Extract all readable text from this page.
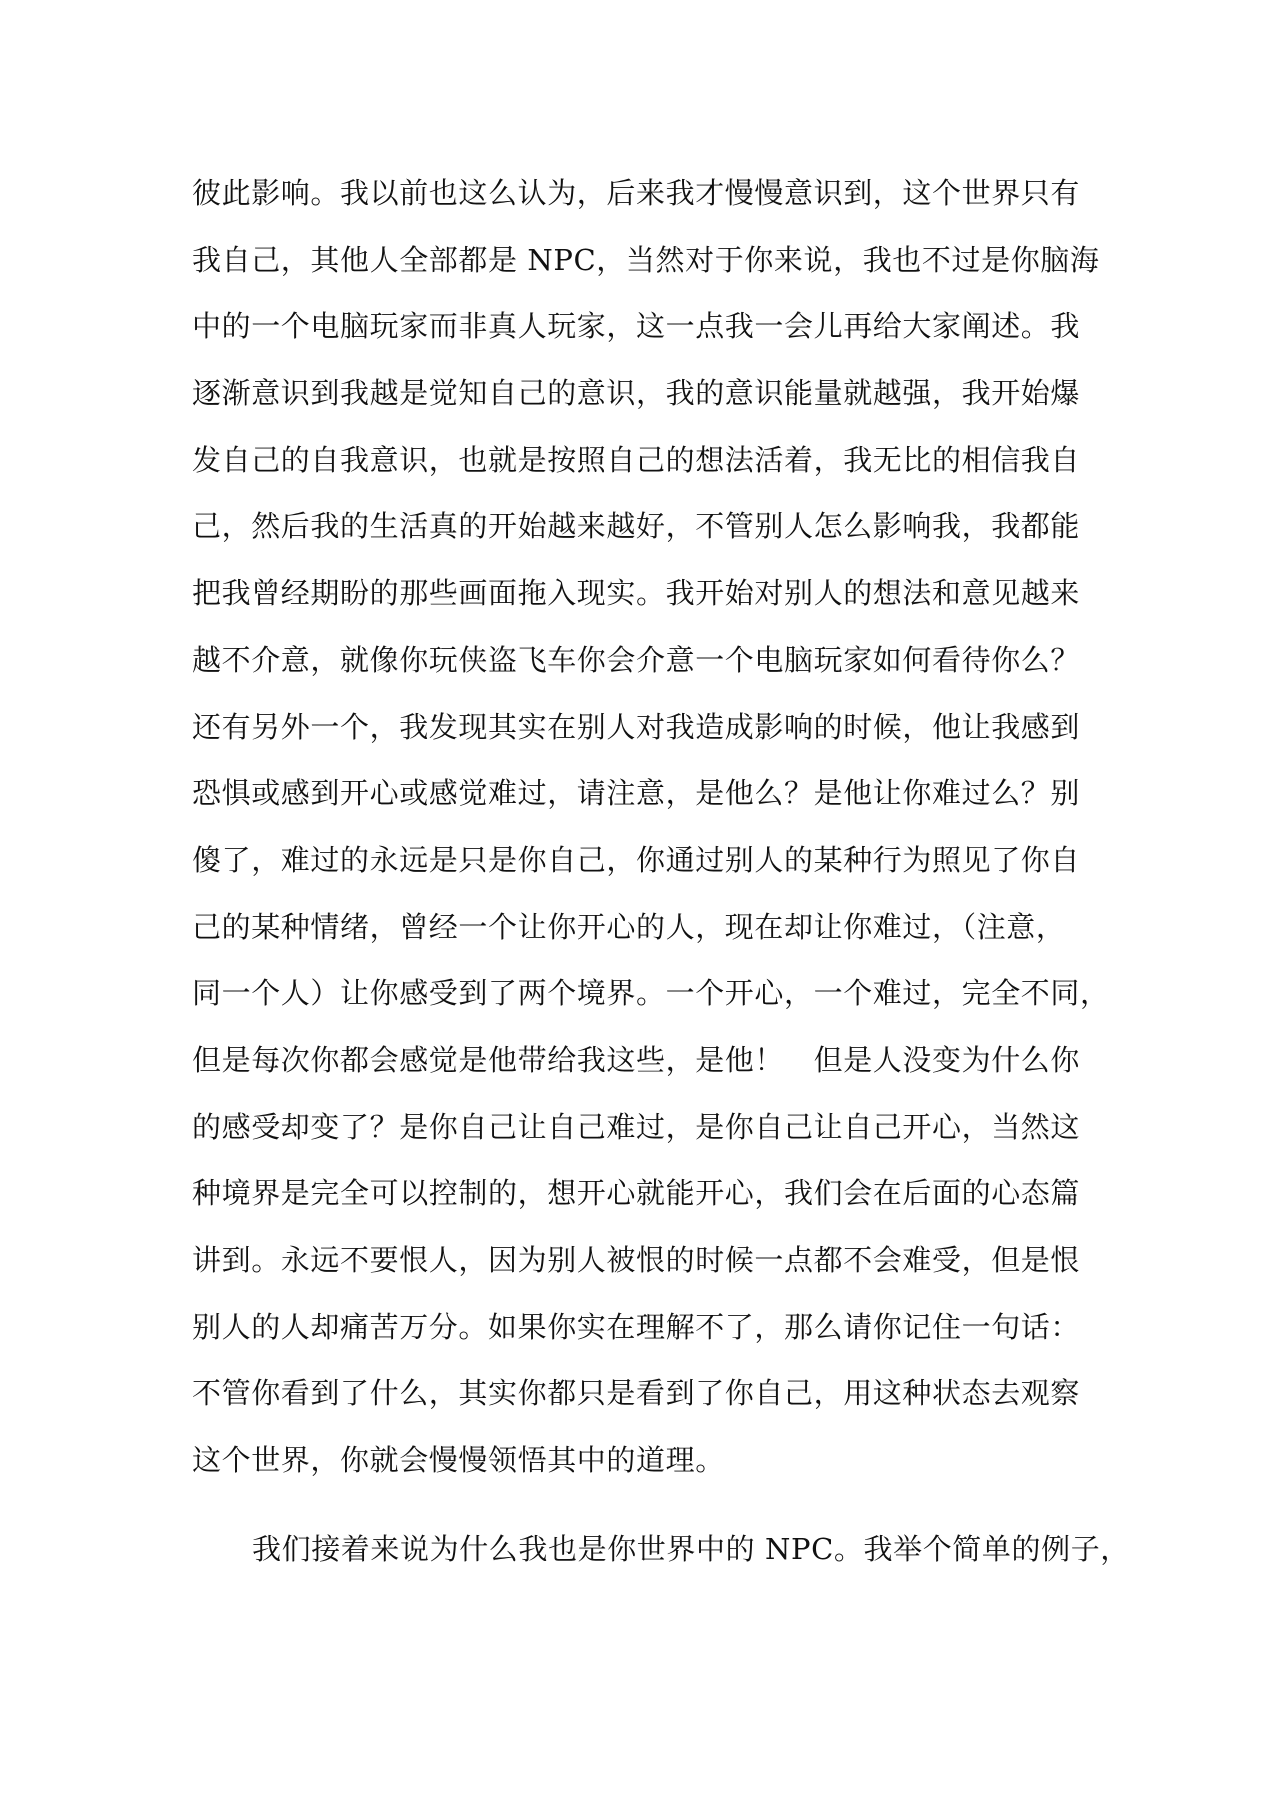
彼此影响。我以前也这么认为，后来我才慢慢意识到，这个世界只有
我自己，其他人全部都是 NPC，当然对于你来说，我也不过是你脑海
中的一个电脑玩家而非真人玩家，这一点我一会儿再给大家阐述。我
逐渐意识到我越是觉知自己的意识，我的意识能量就越强，我开始爆
发自己的自我意识，也就是按照自己的想法活着，我无比的相信我自
己，然后我的生活真的开始越来越好，不管别人怎么影响我，我都能
把我曾经期盼的那些画面拖入现实。我开始对别人的想法和意见越来
越不介意，就像你玩侠盗飞车你会介意一个电脑玩家如何看待你么？
还有另外一个，我发现其实在别人对我造成影响的时候，他让我感到
恐惧或感到开心或感觉难过，请注意，是他么？是他让你难过么？别
傻了，难过的永远是只是你自己，你通过别人的某种行为照见了你自
己的某种情绪，曾经一个让你开心的人，现在却让你难过，（注意，
同一个人）让你感受到了两个境界。一个开心，一个难过，完全不同，
但是每次你都会感觉是他带给我这些，是他！　但是人没变为什么你
的感受却变了？是你自己让自己难过，是你自己让自己开心，当然这
种境界是完全可以控制的，想开心就能开心，我们会在后面的心态篇
讲到。永远不要恨人，因为别人被恨的时候一点都不会难受，但是恨
别人的人却痛苦万分。如果你实在理解不了，那么请你记住一句话：
不管你看到了什么，其实你都只是看到了你自己，用这种状态去观察
这个世界，你就会慢慢领悟其中的道理。
我们接着来说为什么我也是你世界中的 NPC。我举个简单的例子，
